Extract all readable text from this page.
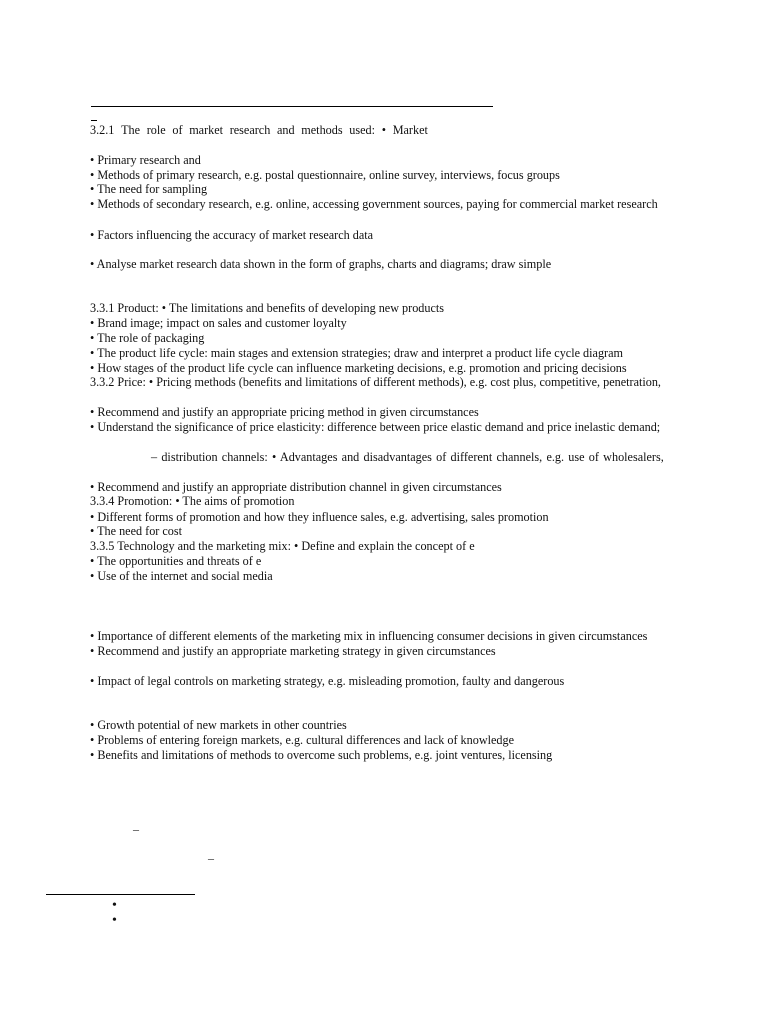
3.2.1 The role of market research and methods used: • Market
• Primary research and
• Methods of primary research, e.g. postal questionnaire, online survey, interviews, focus groups
• The need for sampling
• Methods of secondary research, e.g. online, accessing government sources, paying for commercial market research
• Factors influencing the accuracy of market research data
• Analyse market research data shown in the form of graphs, charts and diagrams; draw simple
3.3.1 Product: • The limitations and benefits of developing new products
• Brand image; impact on sales and customer loyalty
• The role of packaging
• The product life cycle: main stages and extension strategies; draw and interpret a product life cycle diagram
• How stages of the product life cycle can influence marketing decisions, e.g. promotion and pricing decisions
3.3.2 Price: • Pricing methods (benefits and limitations of different methods), e.g. cost plus, competitive, penetration,
• Recommend and justify an appropriate pricing method in given circumstances
• Understand the significance of price elasticity: difference between price elastic demand and price inelastic demand;
– distribution channels: • Advantages and disadvantages of different channels, e.g. use of wholesalers,
• Recommend and justify an appropriate distribution channel in given circumstances
3.3.4 Promotion: • The aims of promotion
• Different forms of promotion and how they influence sales, e.g. advertising, sales promotion
• The need for cost
3.3.5 Technology and the marketing mix: • Define and explain the concept of e
• The opportunities and threats of e
• Use of the internet and social media
• Importance of different elements of the marketing mix in influencing consumer decisions in given circumstances
• Recommend and justify an appropriate marketing strategy in given circumstances
• Impact of legal controls on marketing strategy, e.g. misleading promotion, faulty and dangerous
• Growth potential of new markets in other countries
• Problems of entering foreign markets, e.g. cultural differences and lack of knowledge
• Benefits and limitations of methods to overcome such problems, e.g. joint ventures, licensing
–
–
•
•
